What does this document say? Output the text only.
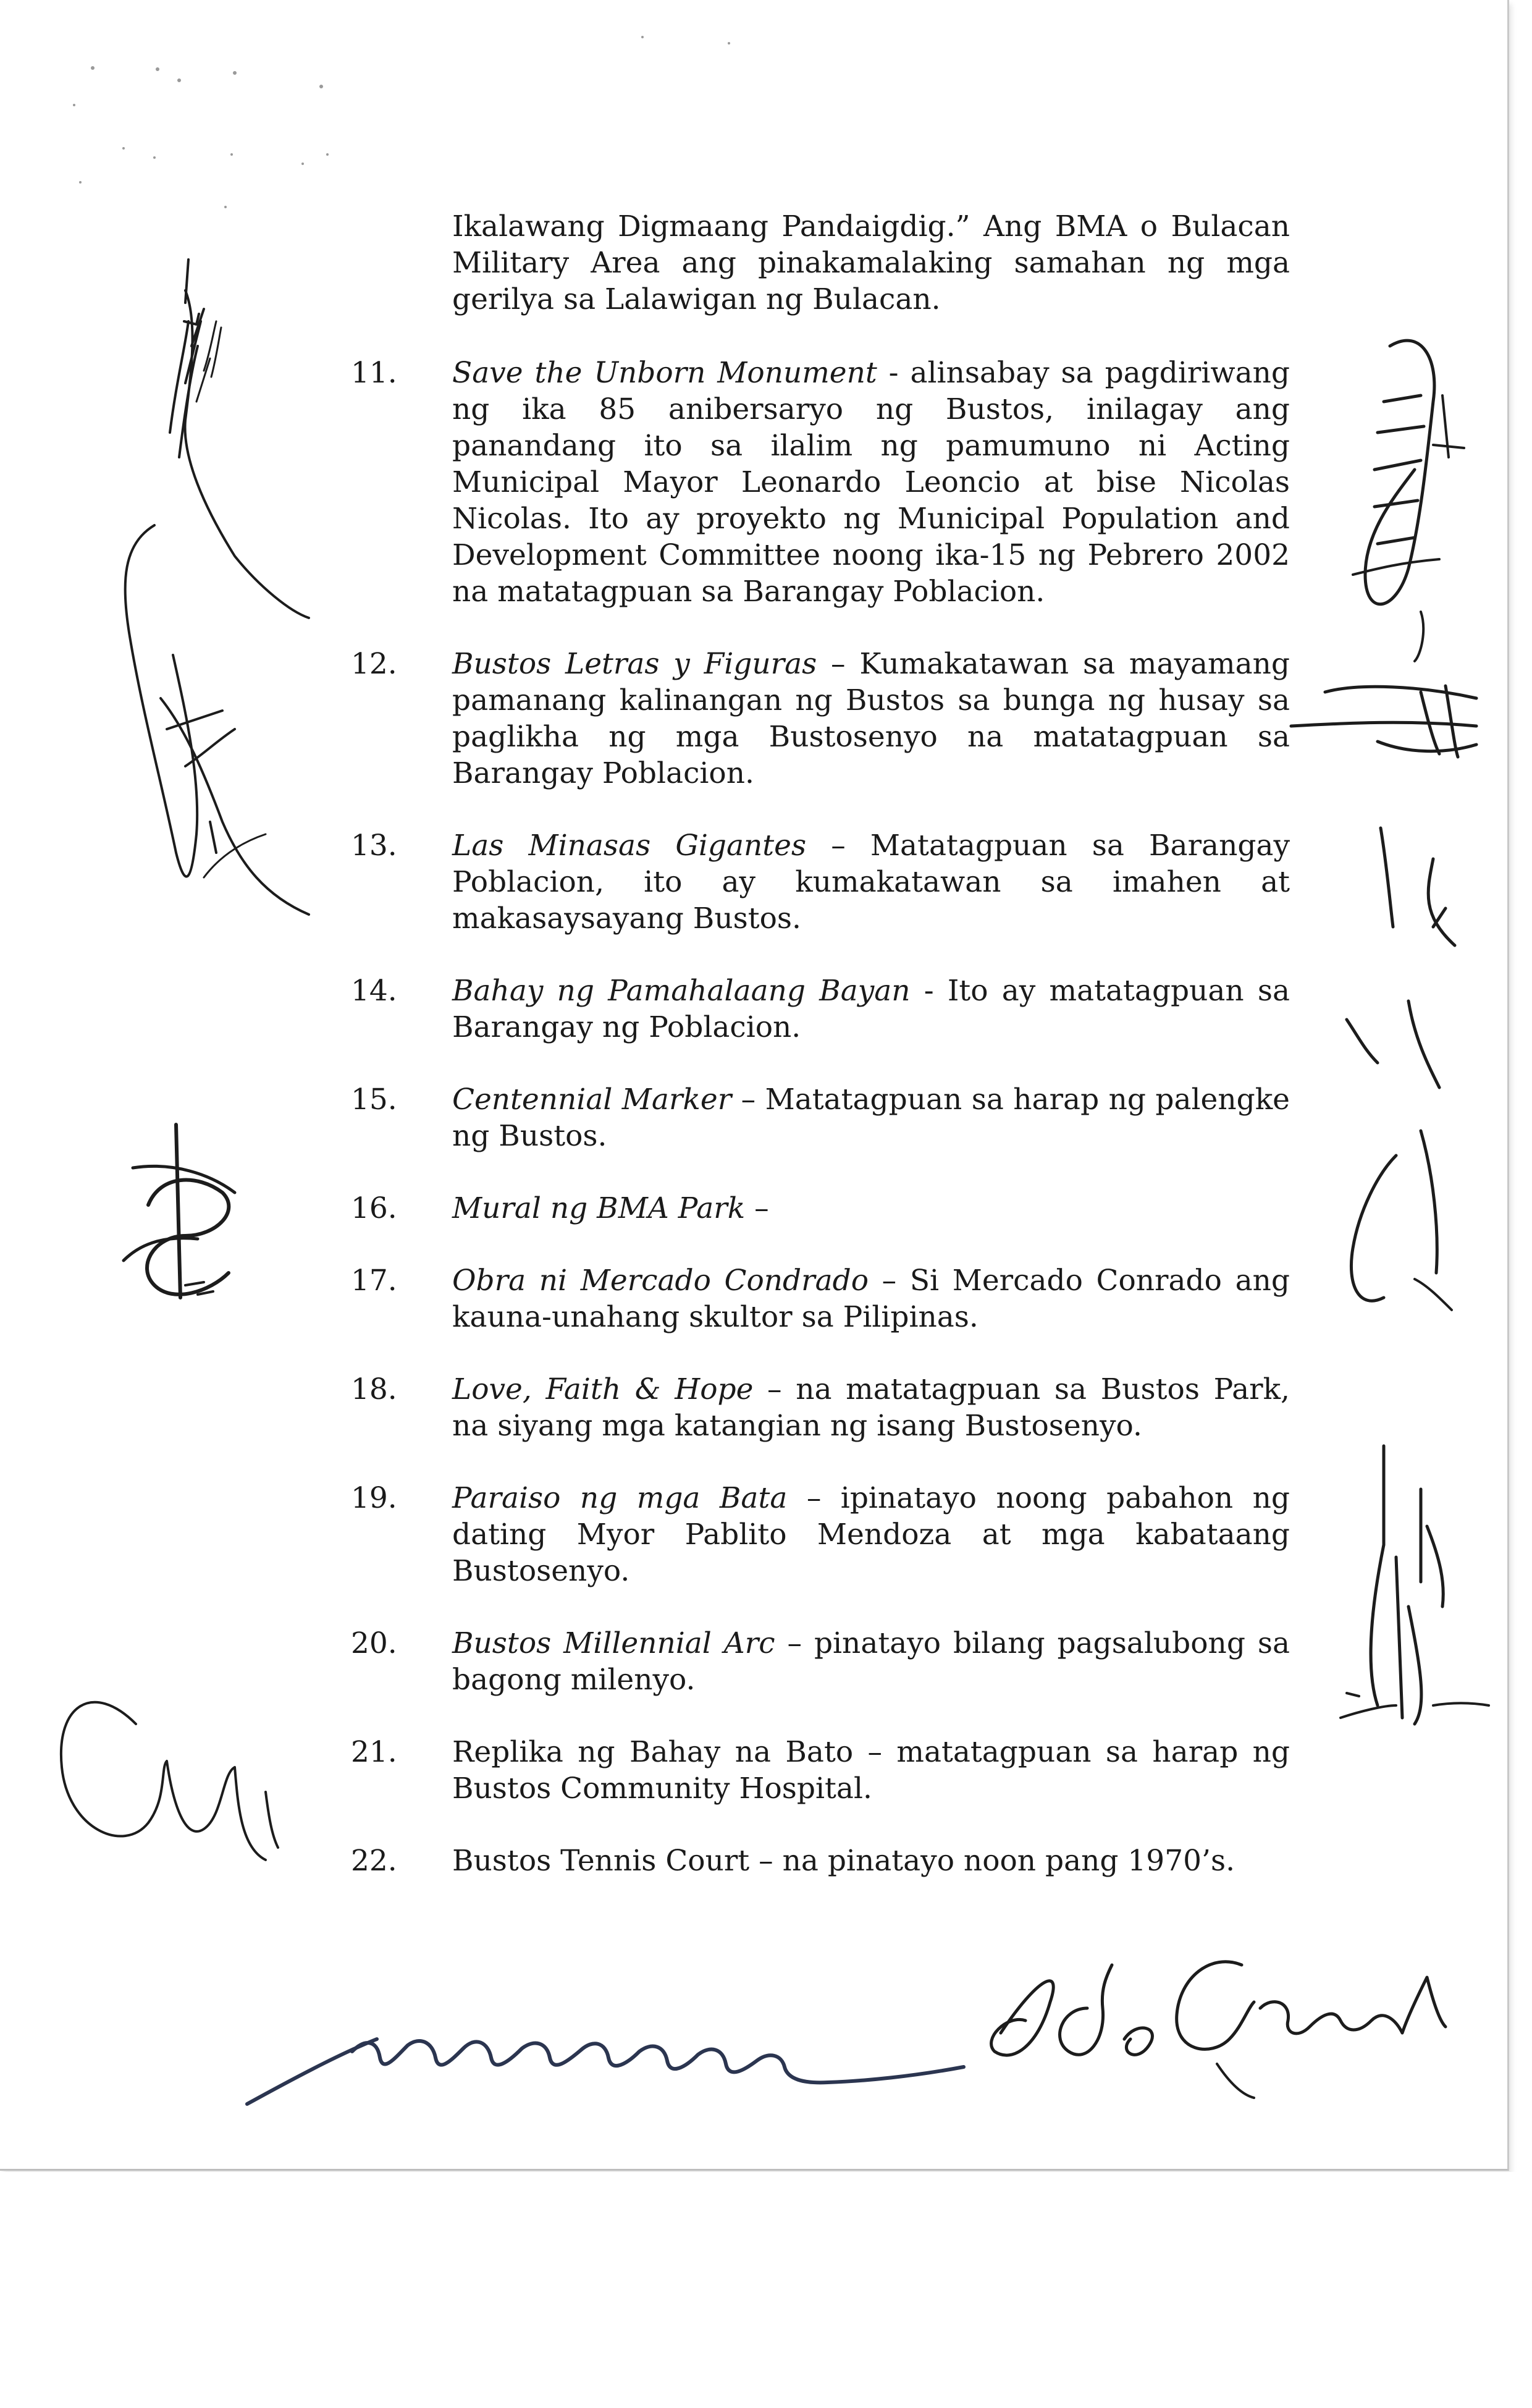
Ikalawang Digmaang Pandaigdig.” Ang BMA o Bulacan Military Area ang pinakamalaking samahan ng mga gerilya sa Lalawigan ng Bulacan.

11.	Save the Unborn Monument - alinsabay sa pagdiriwang ng ika 85 anibersaryo ng Bustos, inilagay ang panandang ito sa ilalim ng pamumuno ni Acting Municipal Mayor Leonardo Leoncio at bise Nicolas Nicolas. Ito ay proyekto ng Municipal Population and Development Committee noong ika-15 ng Pebrero 2002 na matatagpuan sa Barangay Poblacion.
12.	Bustos Letras y Figuras – Kumakatawan sa mayamang pamanang kalinangan ng Bustos sa bunga ng husay sa paglikha ng mga Bustosenyo na matatagpuan sa Barangay Poblacion.
13.	Las Minasas Gigantes – Matatagpuan sa Barangay Poblacion, ito ay kumakatawan sa imahen at makasaysayang Bustos.
14.	Bahay ng Pamahalaang Bayan - Ito ay matatagpuan sa Barangay ng Poblacion.
15.	Centennial Marker – Matatagpuan sa harap ng palengke ng Bustos.
16.	Mural ng BMA Park –
17.	Obra ni Mercado Condrado – Si Mercado Conrado ang kauna-unahang skultor sa Pilipinas.
18.	Love, Faith & Hope – na matatagpuan sa Bustos Park, na siyang mga katangian ng isang Bustosenyo.
19.	Paraiso ng mga Bata – ipinatayo noong pabahon ng dating Myor Pablito Mendoza at mga kabataang Bustosenyo.
20.	Bustos Millennial Arc – pinatayo bilang pagsalubong sa bagong milenyo.
21.	Replika ng Bahay na Bato – matatagpuan sa harap ng Bustos Community Hospital.
22.	Bustos Tennis Court – na pinatayo noon pang 1970’s.
